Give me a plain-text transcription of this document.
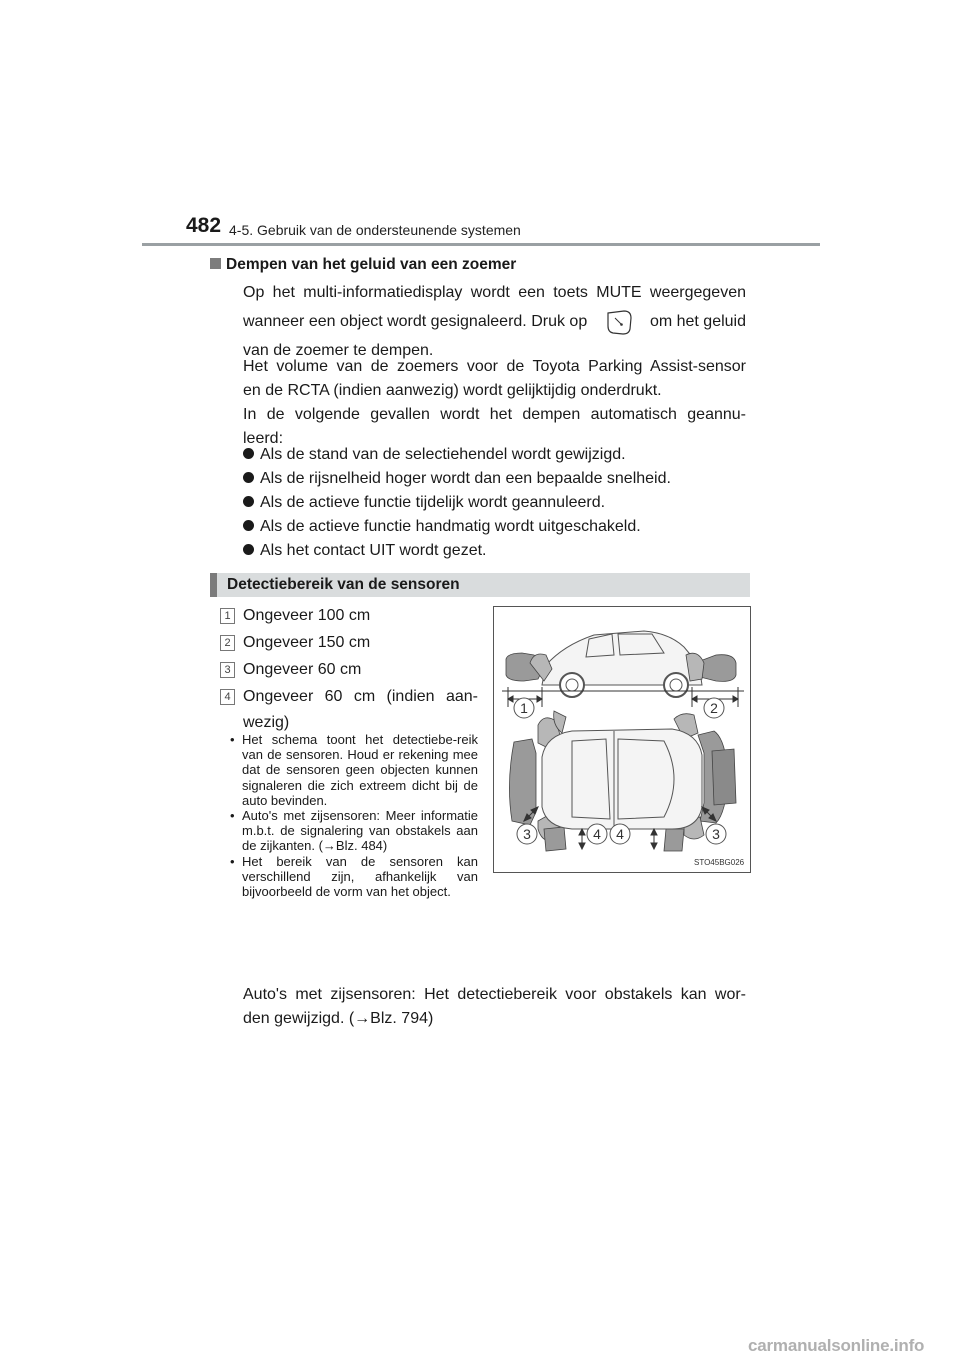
482 4-5. Gebruik van de ondersteunende systemen
Dempen van het geluid van een zoemer
Op het multi-informatiedisplay wordt een toets MUTE weergegeven
wanneer een object wordt gesignaleerd. Druk op	om het geluid
van de zoemer te dempen.
Het volume van de zoemers voor de Toyota Parking Assist-sensor
en de RCTA (indien aanwezig) wordt gelijktijdig onderdrukt.
In de volgende gevallen wordt het dempen automatisch geannu-
leerd:
Als de stand van de selectiehendel wordt gewijzigd.
Als de rijsnelheid hoger wordt dan een bepaalde snelheid.
Als de actieve functie tijdelijk wordt geannuleerd.
Als de actieve functie handmatig wordt uitgeschakeld.
Als het contact UIT wordt gezet.
Detectiebereik van de sensoren
1 Ongeveer 100 cm
2 Ongeveer 150 cm
3 Ongeveer 60 cm
4 Ongeveer 60 cm (indien aan-
wezig)
• Het schema toont het detectiebe-reik van de sensoren. Houd er rekening mee dat de sensoren geen objecten kunnen signaleren die zich extreem dicht bij de auto bevinden.
• Auto's met zijsensoren: Meer informatie m.b.t. de signalering van obstakels aan de zijkanten. (→Blz. 484)
• Het bereik van de sensoren kan verschillend zijn, afhankelijk van bijvoorbeeld de vorm van het object.
1	2
3	4 4	3
STO45BG026
Auto's met zijsensoren: Het detectiebereik voor obstakels kan wor-
den gewijzigd. (→Blz. 794)
carmanualsonline.info
